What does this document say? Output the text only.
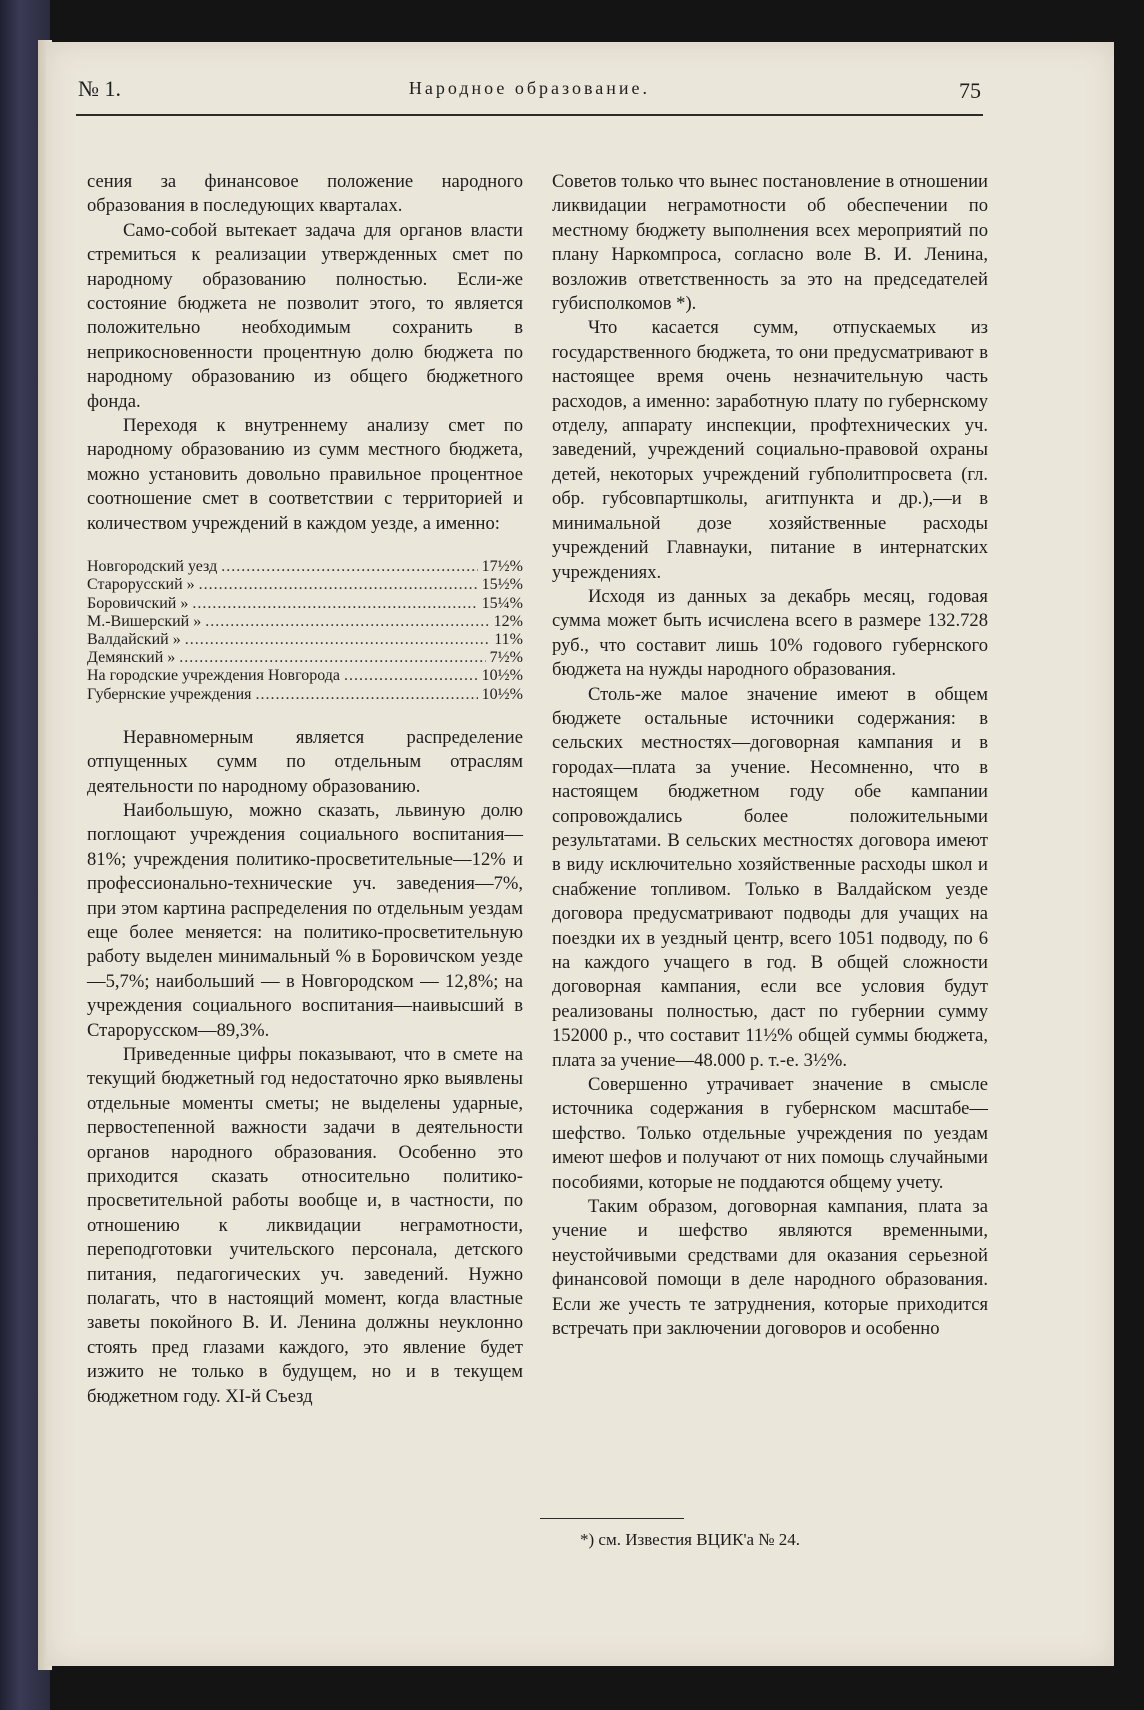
№ 1.	Народное образование.	75

сения за финансовое положение народного образования в последующих кварталах.

Само-собой вытекает задача для органов власти стремиться к реализации утвержденных смет по народному образованию полностью. Если-же состояние бюджета не позволит этого, то является положительно необходимым сохранить в неприкосновенности процентную долю бюджета по народному образованию из общего бюджетного фонда.

Переходя к внутреннему анализу смет по народному образованию из сумм местного бюджета, можно установить довольно правильное процентное соотношение смет в соответствии с территорией и количеством учреждений в каждом уезде, а именно:

Новгородский уезд .....	17½%
Старорусский » .....	15½%
Боровичский » .....	15¼%
М.-Вишерский » .....	12%
Валдайский » .....	11%
Демянский » .....	7½%
На городские учреждения Новгорода .....	10½%
Губернские учреждения .....	10½%

Неравномерным является распределение отпущенных сумм по отдельным отраслям деятельности по народному образованию.

Наибольшую, можно сказать, львиную долю поглощают учреждения социального воспитания—81%; учреждения политико-просветительные—12% и профессионально-технические уч. заведения—7%, при этом картина распределения по отдельным уездам еще более меняется: на политико-просветительную работу выделен минимальный % в Боровичском уезде—5,7%; наибольший — в Новгородском — 12,8%; на учреждения социального воспитания—наивысший в Старорусском—89,3%.

Приведенные цифры показывают, что в смете на текущий бюджетный год недостаточно ярко выявлены отдельные моменты сметы; не выделены ударные, первостепенной важности задачи в деятельности органов народного образования. Особенно это приходится сказать относительно политико-просветительной работы вообще и, в частности, по отношению к ликвидации неграмотности, переподготовки учительского персонала, детского питания, педагогических уч. заведений. Нужно полагать, что в настоящий момент, когда властные заветы покойного В. И. Ленина должны неуклонно стоять пред глазами каждого, это явление будет изжито не только в будущем, но и в текущем бюджетном году. XI-й Съезд

Советов только что вынес постановление в отношении ликвидации неграмотности об обеспечении по местному бюджету выполнения всех мероприятий по плану Наркомпроса, согласно воле В. И. Ленина, возложив ответственность за это на председателей губисполкомов *).

Что касается сумм, отпускаемых из государственного бюджета, то они предусматривают в настоящее время очень незначительную часть расходов, а именно: заработную плату по губернскому отделу, аппарату инспекции, профтехнических уч. заведений, учреждений социально-правовой охраны детей, некоторых учреждений губполитпросвета (гл. обр. губсовпартшколы, агитпункта и др.),—и в минимальной дозе хозяйственные расходы учреждений Главнауки, питание в интернатских учреждениях.

Исходя из данных за декабрь месяц, годовая сумма может быть исчислена всего в размере 132.728 руб., что составит лишь 10% годового губернского бюджета на нужды народного образования.

Столь-же малое значение имеют в общем бюджете остальные источники содержания: в сельских местностях—договорная кампания и в городах—плата за учение. Несомненно, что в настоящем бюджетном году обе кампании сопровождались более положительными результатами. В сельских местностях договора имеют в виду исключительно хозяйственные расходы школ и снабжение топливом. Только в Валдайском уезде договора предусматривают подводы для учащих на поездки их в уездный центр, всего 1051 подводу, по 6 на каждого учащего в год. В общей сложности договорная кампания, если все условия будут реализованы полностью, даст по губернии сумму 152000 р., что составит 11½% общей суммы бюджета, плата за учение—48.000 р. т.-е. 3½%.

Совершенно утрачивает значение в смысле источника содержания в губернском масштабе—шефство. Только отдельные учреждения по уездам имеют шефов и получают от них помощь случайными пособиями, которые не поддаются общему учету.

Таким образом, договорная кампания, плата за учение и шефство являются временными, неустойчивыми средствами для оказания серьезной финансовой помощи в деле народного образования. Если же учесть те затруднения, которые приходится встречать при заключении договоров и особенно

*) см. Известия ВЦИК'а № 24.
